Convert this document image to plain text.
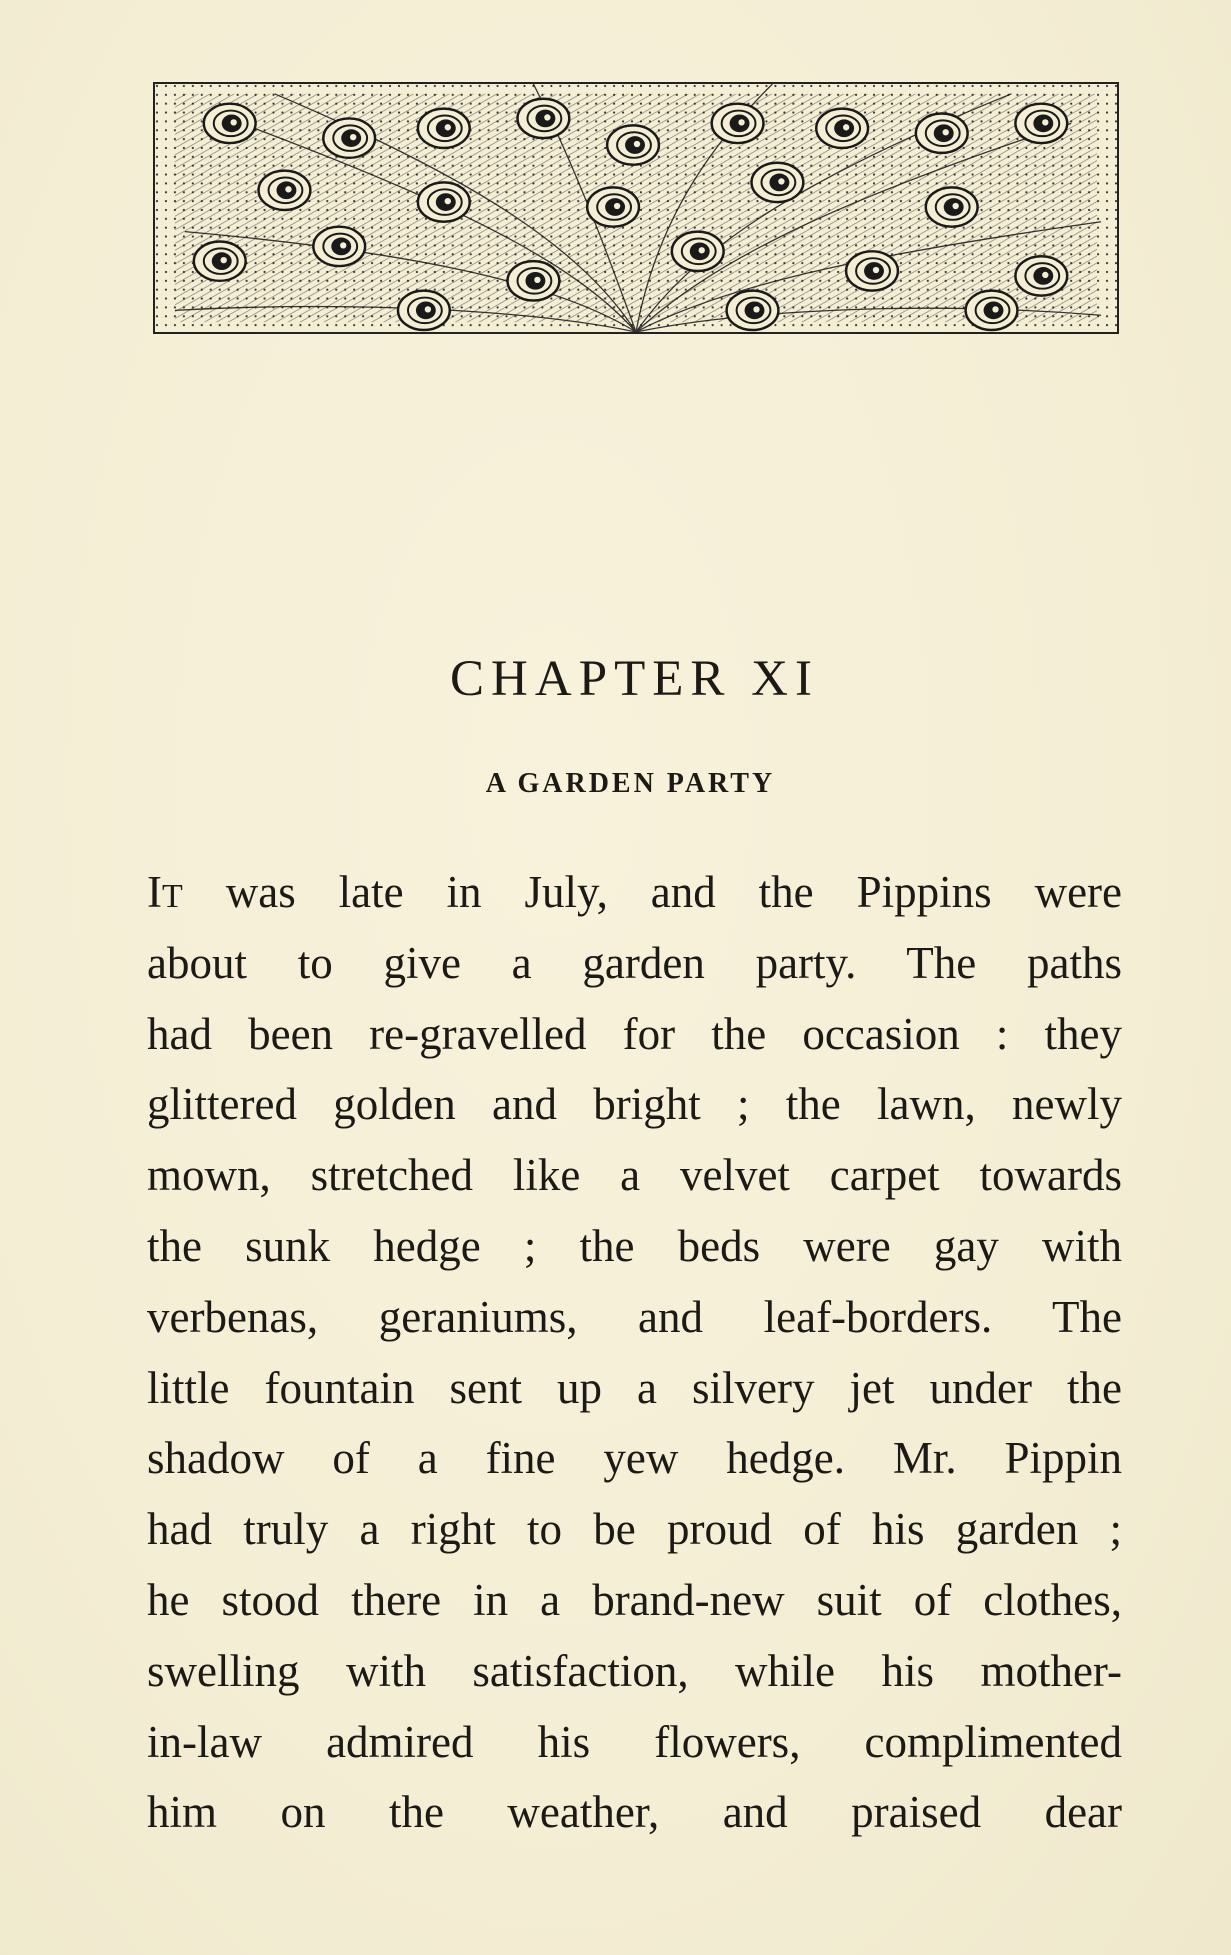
CHAPTER XI
A GARDEN PARTY
IT was late in July, and the Pippins were
about to give a garden party. The paths
had been re-gravelled for the occasion : they
glittered golden and bright ; the lawn, newly
mown, stretched like a velvet carpet towards
the sunk hedge ; the beds were gay with
verbenas, geraniums, and leaf-borders. The
little fountain sent up a silvery jet under the
shadow of a fine yew hedge. Mr. Pippin
had truly a right to be proud of his garden ;
he stood there in a brand-new suit of clothes,
swelling with satisfaction, while his mother-
in-law admired his flowers, complimented
him on the weather, and praised dear
